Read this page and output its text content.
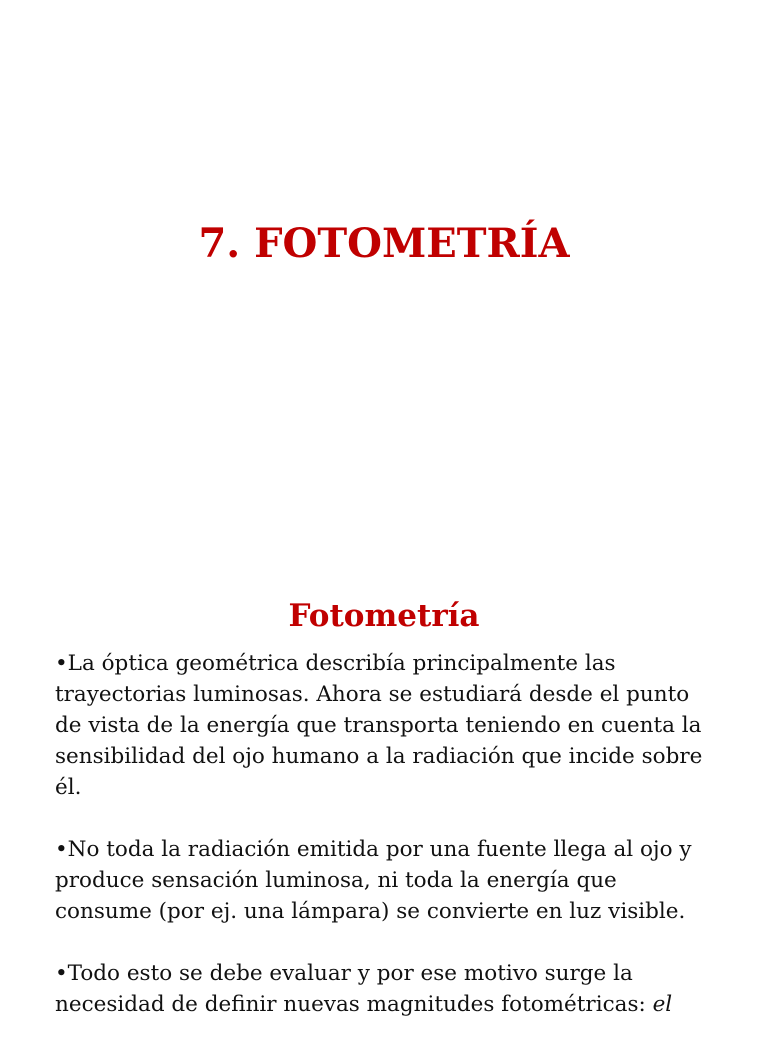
7. FOTOMETRÍA
Fotometría

•La óptica geométrica describía principalmente las
trayectorias luminosas. Ahora se estudiará desde el punto
de vista de la energía que transporta teniendo en cuenta la
sensibilidad del ojo humano a la radiación que incide sobre
él.

•No toda la radiación emitida por una fuente llega al ojo y
produce sensación luminosa, ni toda la energía que
consume (por ej. una lámpara) se convierte en luz visible.

•Todo esto se debe evaluar y por ese motivo surge la
necesidad de definir nuevas magnitudes fotométricas: el
